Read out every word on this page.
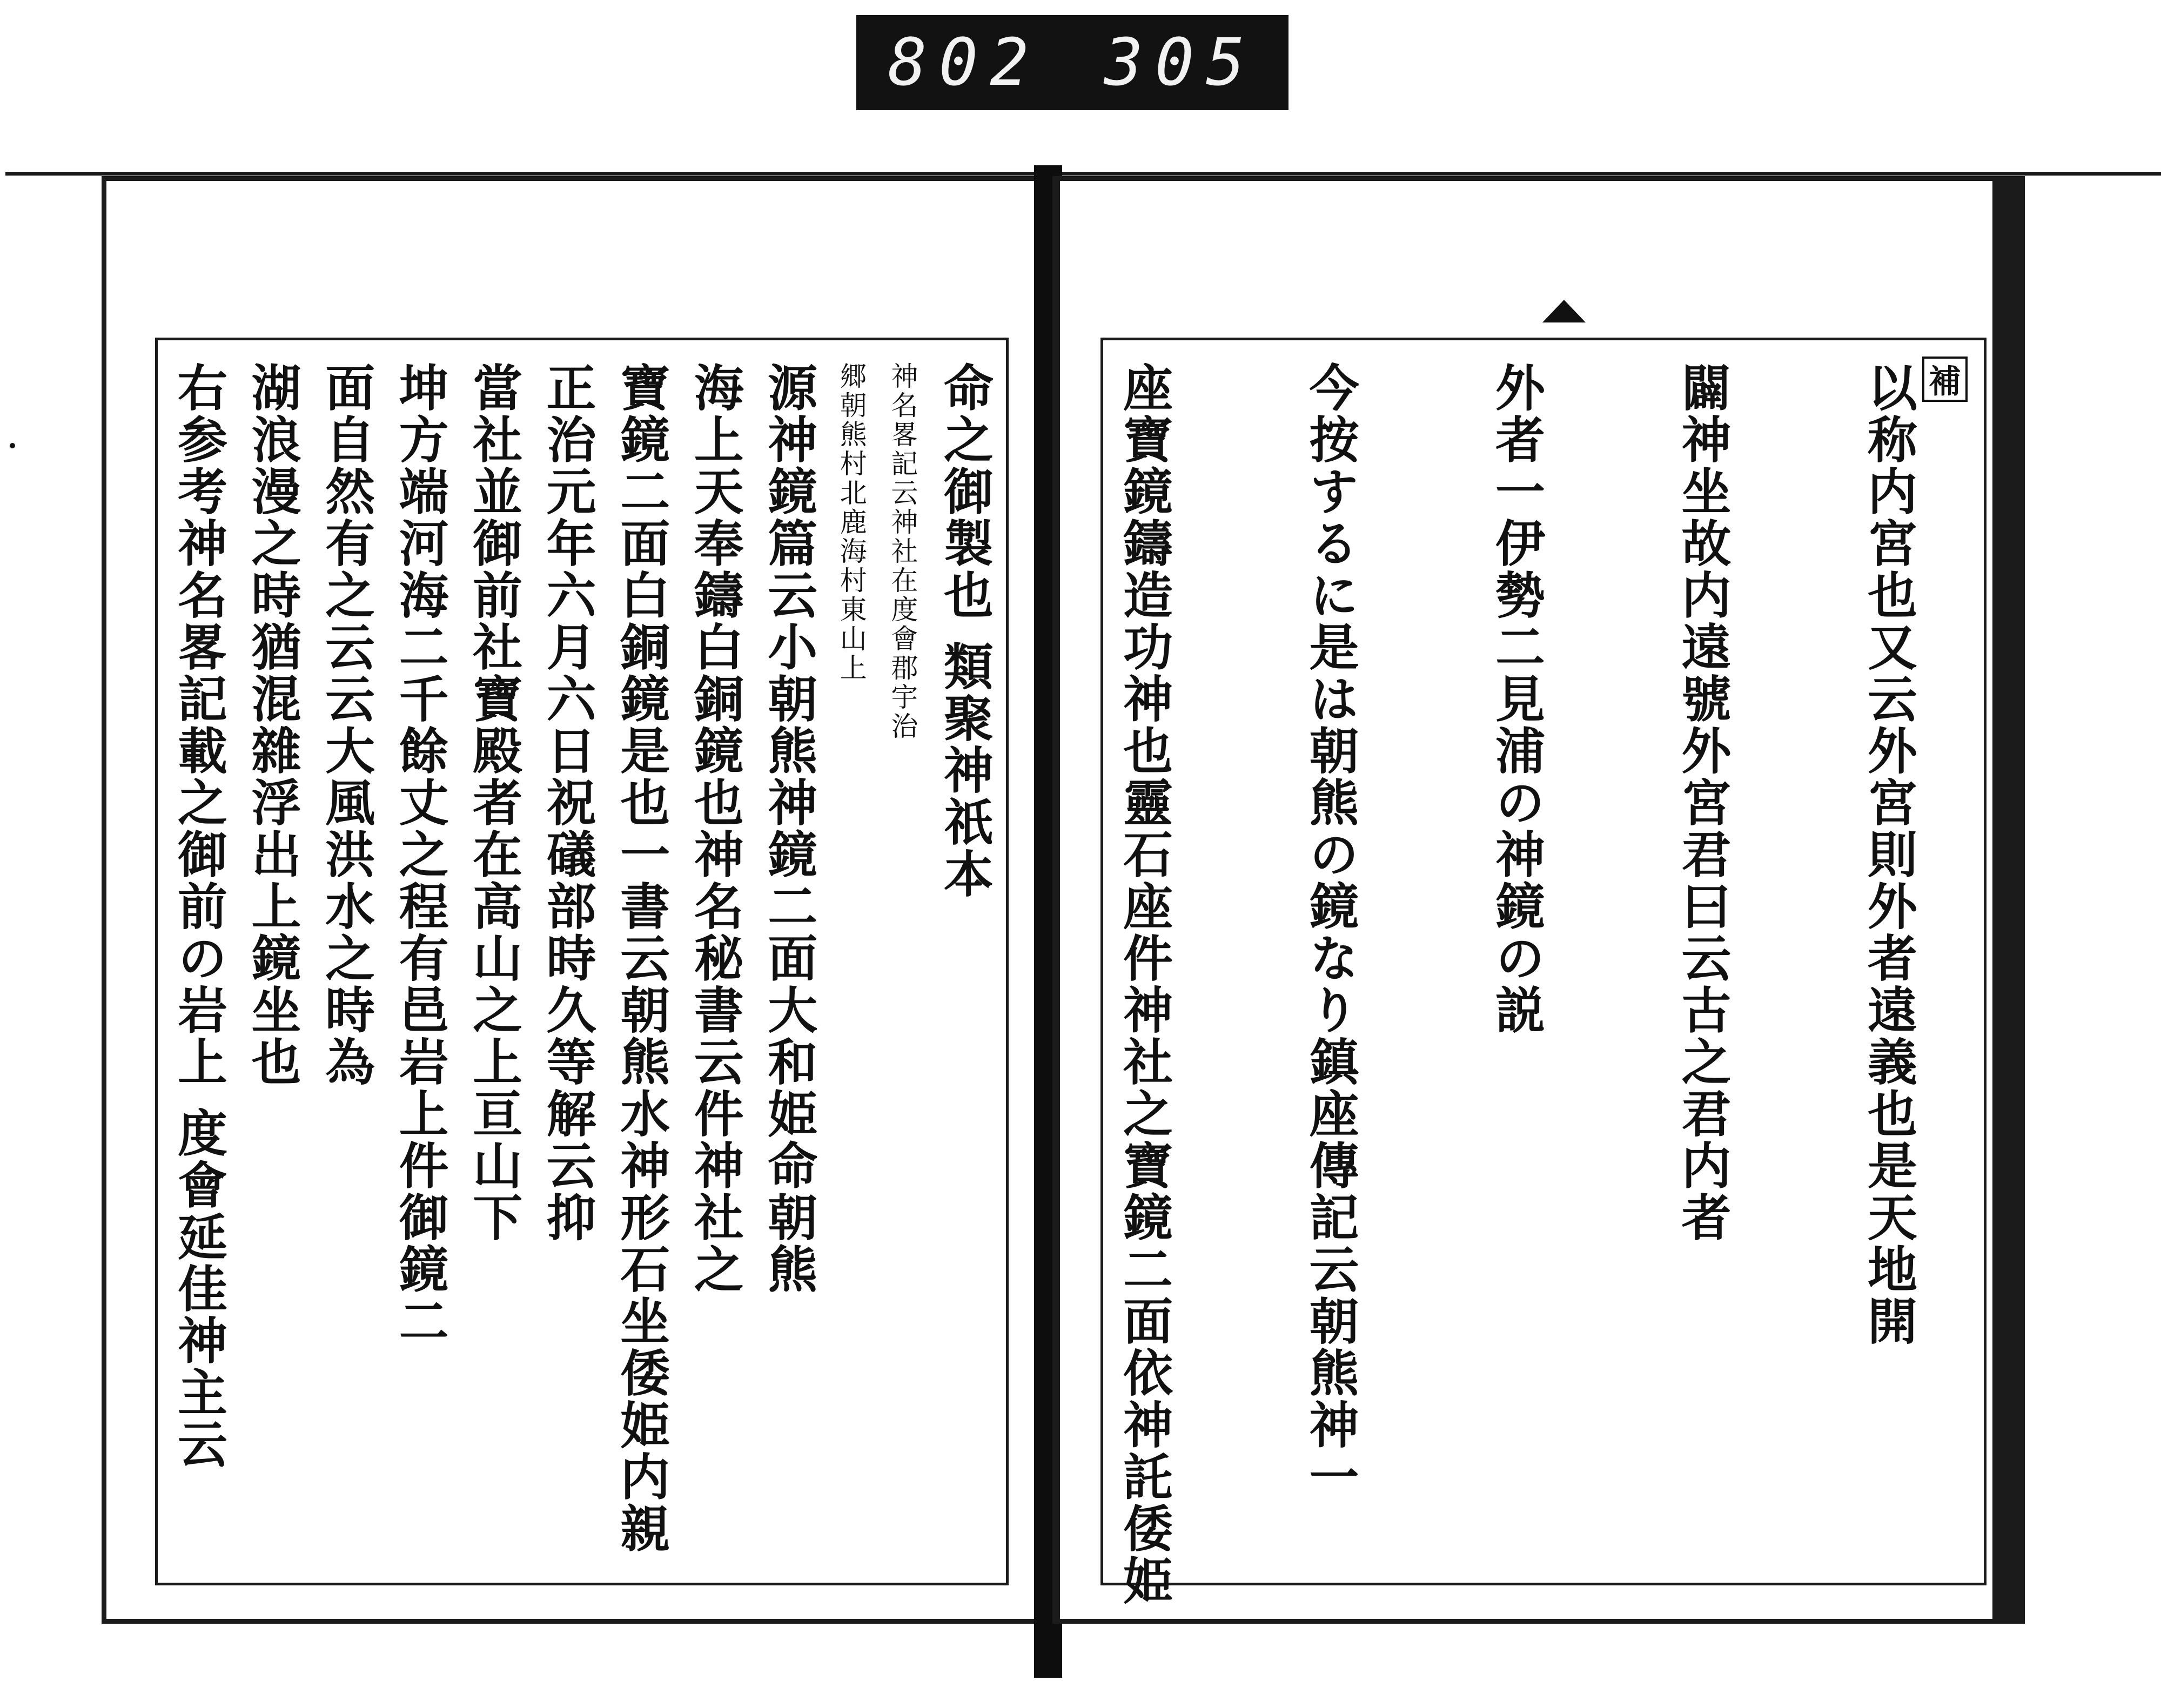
802 305
命之御製也 類聚神祇本
神名畧記云神社在度會郡宇治
郷朝熊村北鹿海村東山上
源神鏡篇云小朝熊神鏡二面大和姫命朝熊
海上天奉鑄白銅鏡也神名秘書云件神社之
寶鏡二面白銅鏡是也一書云朝熊水神形石坐倭姫内親
正治元年六月六日祝礒部時久等解云抑
當社並御前社寶殿者在高山之上亘山下
坤方端河海二千餘丈之程有邑岩上件御鏡二
面自然有之云云大風洪水之時為
湖浪漫之時猶混雜浮出上鏡坐也
右参考神名畧記載之御前の岩上 度會延佳神主云	補
以称内宮也又云外宮則外者遠義也是天地開
闢神坐故内遠號外宮君曰云古之君内者
外者一伊勢二見浦の神鏡の説
今按するに是は朝熊の鏡なり鎮座傳記云朝熊神一
座寶鏡鑄造功神也靈石座件神社之寶鏡二面依神託倭姫
